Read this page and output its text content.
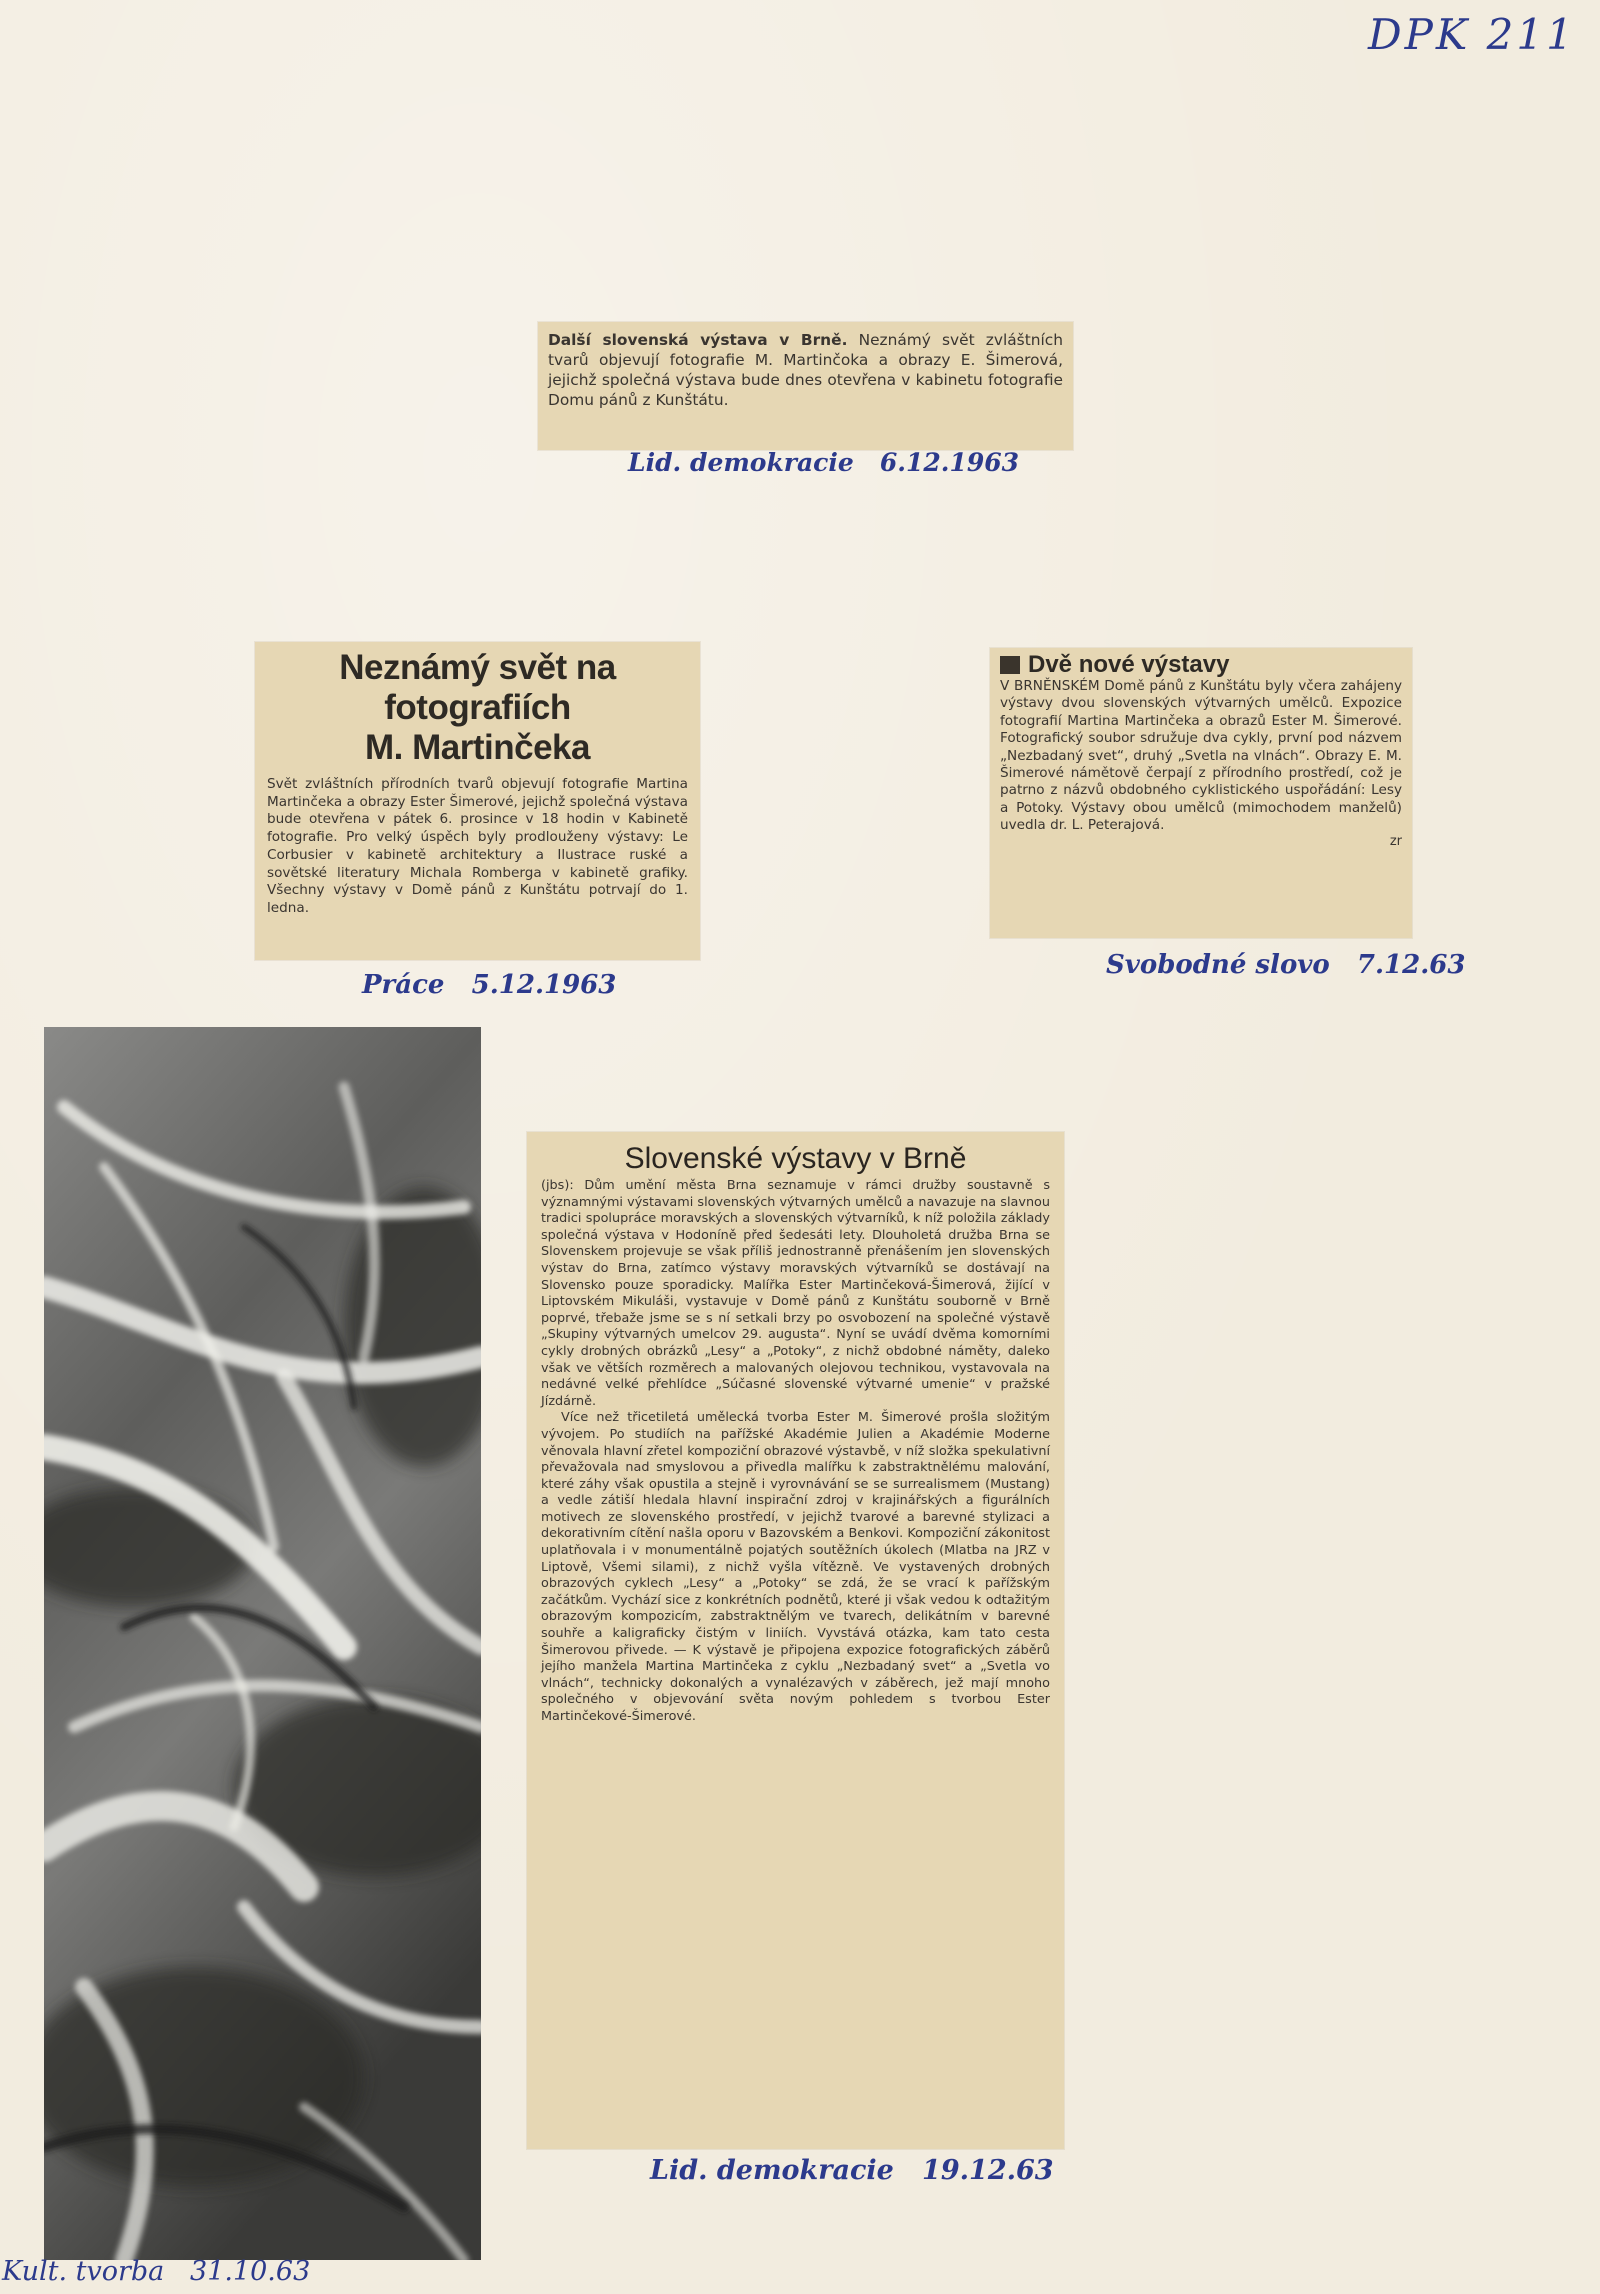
DPK 211

Další slovenská výstava v Brně. Neznámý svět zvláštních tvarů objevují fotografie M. Martinčoka a obrazy E. Šimerová, jejichž společná výstava bude dnes otevřena v kabinetu fotografie Domu pánů z Kunštátu.

Lid. demokracie   6.12.1963
Neznámý svět na fotografiích
M. Martinčeka

Svět zvláštních přírodních tvarů objevují fotografie Martina Martinčeka a obrazy Ester Šimerové, jejichž společná výstava bude otevřena v pátek 6. prosince v 18 hodin v Kabinetě fotografie. Pro velký úspěch byly prodlouženy výstavy: Le Corbusier v kabinetě architektury a Ilustrace ruské a sovětské literatury Michala Romberga v kabinetě grafiky. Všechny výstavy v Domě pánů z Kunštátu potrvají do 1. ledna.

Práce   5.12.1963
Dvě nové výstavy

V BRNĚNSKÉM Domě pánů z Kunštátu byly včera zahájeny výstavy dvou slovenských výtvarných umělců. Expozice fotografií Martina Martinčeka a obrazů Ester M. Šimerové. Fotografický soubor sdružuje dva cykly, první pod názvem „Nezbadaný svet“, druhý „Svetla na vlnách“. Obrazy E. M. Šimerové námětově čerpají z přírodního prostředí, což je patrno z názvů obdobného cyklistického uspořádání: Lesy a Potoky. Výstavy obou umělců (mimochodem manželů) uvedla dr. L. Peterajová.

zr

Svobodné slovo   7.12.63
Kult. tvorba   31.10.63
Slovenské výstavy v Brně

(jbs): Dům umění města Brna seznamuje v rámci družby soustavně s významnými výstavami slovenských výtvarných umělců a navazuje na slavnou tradici spolupráce moravských a slovenských výtvarníků, k níž položila základy společná výstava v Hodoníně před šedesáti lety. Dlouholetá družba Brna se Slovenskem projevuje se však příliš jednostranně přenášením jen slovenských výstav do Brna, zatímco výstavy moravských výtvarníků se dostávají na Slovensko pouze sporadicky. Malířka Ester Martinčeková-Šimerová, žijící v Liptovském Mikuláši, vystavuje v Domě pánů z Kunštátu souborně v Brně poprvé, třebaže jsme se s ní setkali brzy po osvobození na společné výstavě „Skupiny výtvarných umelcov 29. augusta“. Nyní se uvádí dvěma komorními cykly drobných obrázků „Lesy“ a „Potoky“, z nichž obdobné náměty, daleko však ve větších rozměrech a malovaných olejovou technikou, vystavovala na nedávné velké přehlídce „Súčasné slovenské výtvarné umenie“ v pražské Jízdárně.

Více než třicetiletá umělecká tvorba Ester M. Šimerové prošla složitým vývojem. Po studiích na pařížské Akadémie Julien a Akadémie Moderne věnovala hlavní zřetel kompoziční obrazové výstavbě, v níž složka spekulativní převažovala nad smyslovou a přivedla malířku k zabstraktnělému malování, které záhy však opustila a stejně i vyrovnávání se se surrealismem (Mustang) a vedle zátiší hledala hlavní inspirační zdroj v krajinářských a figurálních motivech ze slovenského prostředí, v jejichž tvarové a barevné stylizaci a dekorativním cítění našla oporu v Bazovském a Benkovi. Kompoziční zákonitost uplatňovala i v monumentálně pojatých soutěžních úkolech (Mlatba na JRZ v Liptově, Všemi silami), z nichž vyšla vítězně. Ve vystavených drobných obrazových cyklech „Lesy“ a „Potoky“ se zdá, že se vrací k pařížským začátkům. Vychází sice z konkrétních podnětů, které ji však vedou k odtažitým obrazovým kompozicím, zabstraktnělým ve tvarech, delikátním v barevné souhře a kaligraficky čistým v liniích. Vyvstává otázka, kam tato cesta Šimerovou přivede. — K výstavě je připojena expozice fotografických záběrů jejího manžela Martina Martinčeka z cyklu „Nezbadaný svet“ a „Svetla vo vlnách“, technicky dokonalých a vynalézavých v záběrech, jež mají mnoho společného v objevování světa novým pohledem s tvorbou Ester Martinčekové-Šimerové.

Lid. demokracie   19.12.63
